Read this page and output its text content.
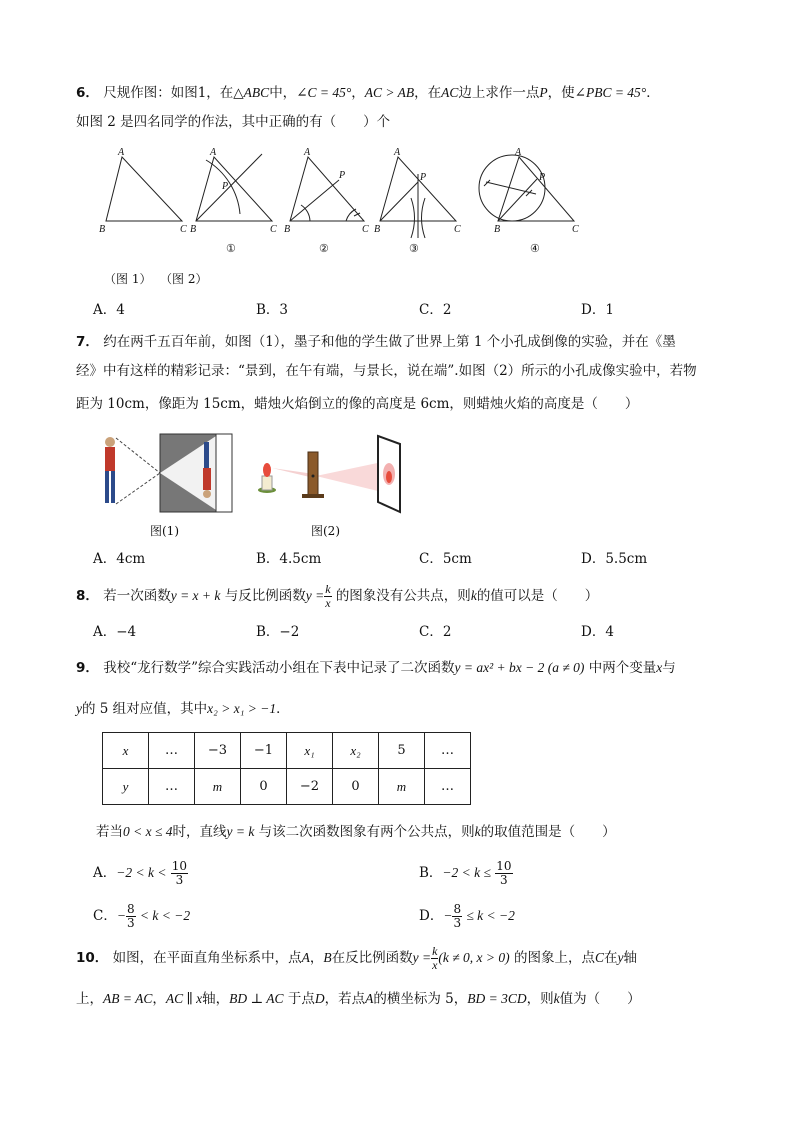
6． 尺规作图：如图1，在△ABC中，∠C = 45°，AC > AB，在AC边上求作一点P，使∠PBC = 45°．
如图 2 是四名同学的作法，其中正确的有（　　）个
A
B	C
A
P
B	C
A
P
B	C
A
P
B	C
A
P
B	C
①	②	③	④
（图 1） （图 2）
A．4	B．3	C．2	D．1
7． 约在两千五百年前，如图（1），墨子和他的学生做了世界上第 1 个小孔成倒像的实验，并在《墨
经》中有这样的精彩记录：“景到，在午有端，与景长，说在端”.如图（2）所示的小孔成像实验中，若物
距为 10cm，像距为 15cm，蜡烛火焰倒立的像的高度是 6cm，则蜡烛火焰的高度是（　　）
图(1)	图(2)
A．4cm	B．4.5cm	C．5cm	D．5.5cm
8． 若一次函数y = x + k 与反比例函数$y = \frac{k}{x}$ 的图象没有公共点，则k的值可以是（　　）
A．−4	B．−2	C．2	D．4
9． 我校“龙行数学”综合实践活动小组在下表中记录了二次函数y = ax² + bx − 2 (a ≠ 0) 中两个变量x与
y的 5 组对应值，其中x₂ > x₁ > −1．
x	…	−3	−1	x₁	x₂	5	…
y	…	m	0	−2	0	m	…
若当0 < x ≤ 4时，直线y = k 与该二次函数图象有两个公共点，则k的取值范围是（　　）
A．$-2 < k < \frac{10}{3}$	B．$-2 < k \le \frac{10}{3}$
C．− $\frac{8}{3} < k < -2$	D．− $\frac{8}{3} \le k < -2$
10． 如图，在平面直角坐标系中，点A，B在反比例函数$y = \frac{k}{x} (k \ne 0$, x > 0) 的图象上，点C在y轴
上，AB = AC，AC ∥ x轴，BD ⊥ AC 于点D，若点A的横坐标为 5，BD = 3CD，则k值为（　　）
